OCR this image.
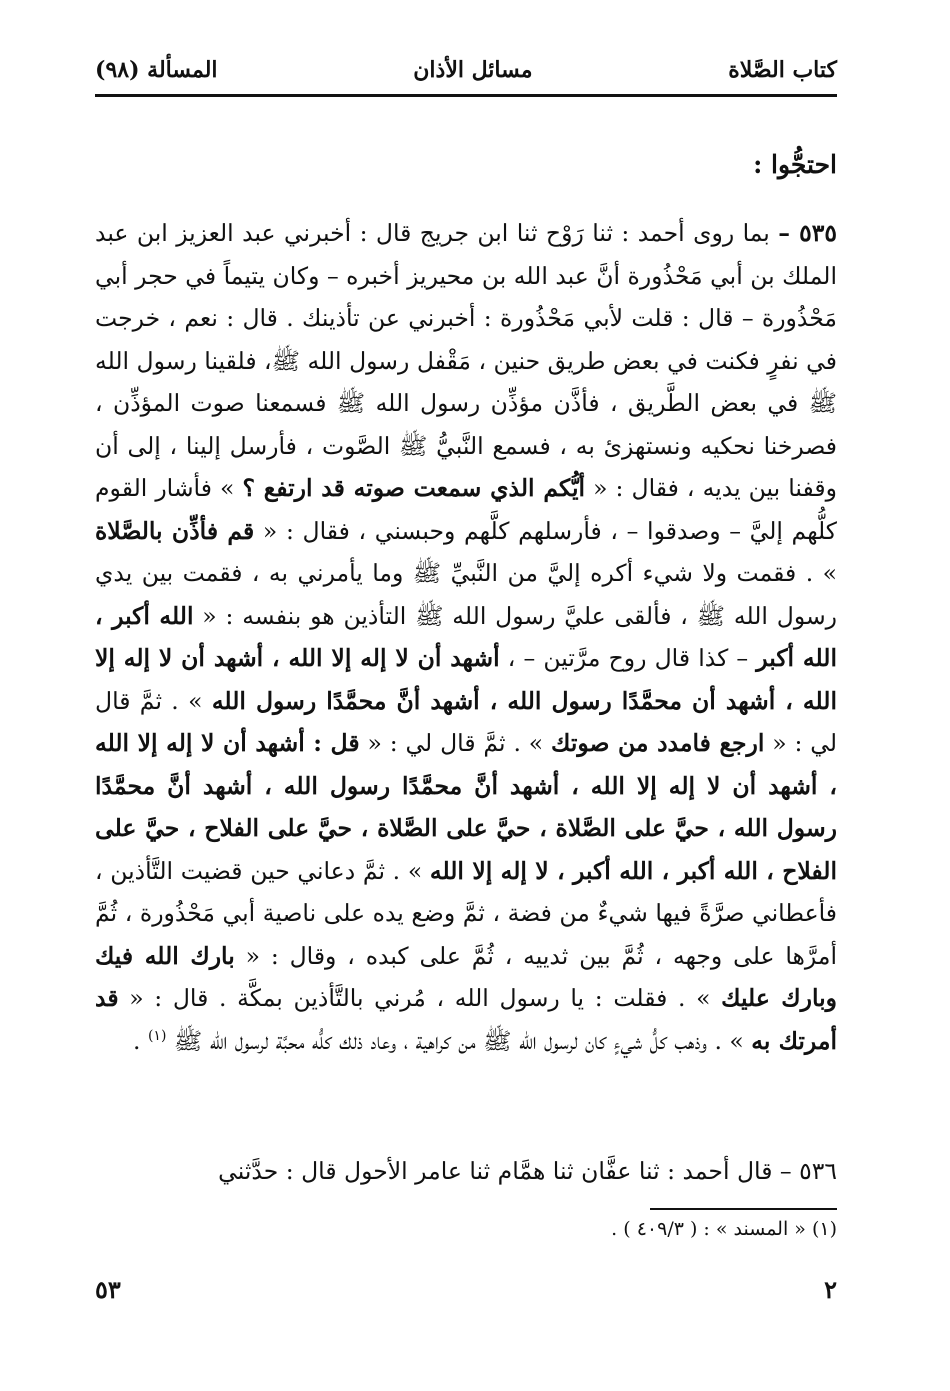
كتاب الصَّلاة
مسائل الأذان
المسألة (٩٨)
احتجُّوا :

٥٣٥ – بما روى أحمد : ثنا رَوْح ثنا ابن جريج قال : أخبرني عبد العزيز ابن عبد الملك بن أبي مَحْذُورة أنَّ عبد الله بن محيريز أخبره – وكان يتيماً في حجر أبي مَحْذُورة – قال : قلت لأبي مَحْذُورة : أخبرني عن تأذينك . قال : نعم ، خرجت في نفرٍ فكنت في بعض طريق حنين ، مَقْفل رسول الله ﷺ، فلقينا رسول الله ﷺ في بعض الطَّريق ، فأذَّن مؤذِّن رسول الله ﷺ فسمعنا صوت المؤذِّن ، فصرخنا نحكيه ونستهزئ به ، فسمع النَّبيُّ ﷺ الصَّوت ، فأرسل إلينا ، إلى أن وقفنا بين يديه ، فقال : « أيُّكم الذي سمعت صوته قد ارتفع ؟ » فأشار القوم كلُّهم إليَّ – وصدقوا – ، فأرسلهم كلَّهم وحبسني ، فقال : « قم فأذِّن بالصَّلاة » . فقمت ولا شيء أكره إليَّ من النَّبيِّ ﷺ وما يأمرني به ، فقمت بين يدي رسول الله ﷺ ، فألقى عليَّ رسول الله ﷺ التأذين هو بنفسه : « الله أكبر ، الله أكبر – كذا قال روح مرَّتين – ، أشهد أن لا إله إلا الله ، أشهد أن لا إله إلا الله ، أشهد أن محمَّدًا رسول الله ، أشهد أنَّ محمَّدًا رسول الله » . ثمَّ قال لي : « ارجع فامدد من صوتك » . ثمَّ قال لي : « قل : أشهد أن لا إله إلا الله ، أشهد أن لا إله إلا الله ، أشهد أنَّ محمَّدًا رسول الله ، أشهد أنَّ محمَّدًا رسول الله ، حيَّ على الصَّلاة ، حيَّ على الصَّلاة ، حيَّ على الفلاح ، حيَّ على الفلاح ، الله أكبر ، الله أكبر ، لا إله إلا الله » . ثمَّ دعاني حين قضيت التَّأذين ، فأعطاني صرَّةً فيها شيءٌ من فضة ، ثمَّ وضع يده على ناصية أبي مَحْذُورة ، ثُمَّ أمرَّها على وجهه ، ثُمَّ بين ثدييه ، ثُمَّ على كبده ، وقال : « بارك الله فيك وبارك عليك » . فقلت : يا رسول الله ، مُرني بالتَّأذين بمكَّة . قال : « قد أمرتك به » . وذهب كلُّ شيءٍ كان لرسول الله ﷺ من كراهية ، وعاد ذلك كلُّه محبَّة لرسول الله ﷺ $^{(١)}$ .

٥٣٦ – قال أحمد : ثنا عفَّان ثنا همَّام ثنا عامر الأحول قال : حدَّثني
(١) « المسند » : ( ٤٠٩/٣ ) .
٢
٥٣
